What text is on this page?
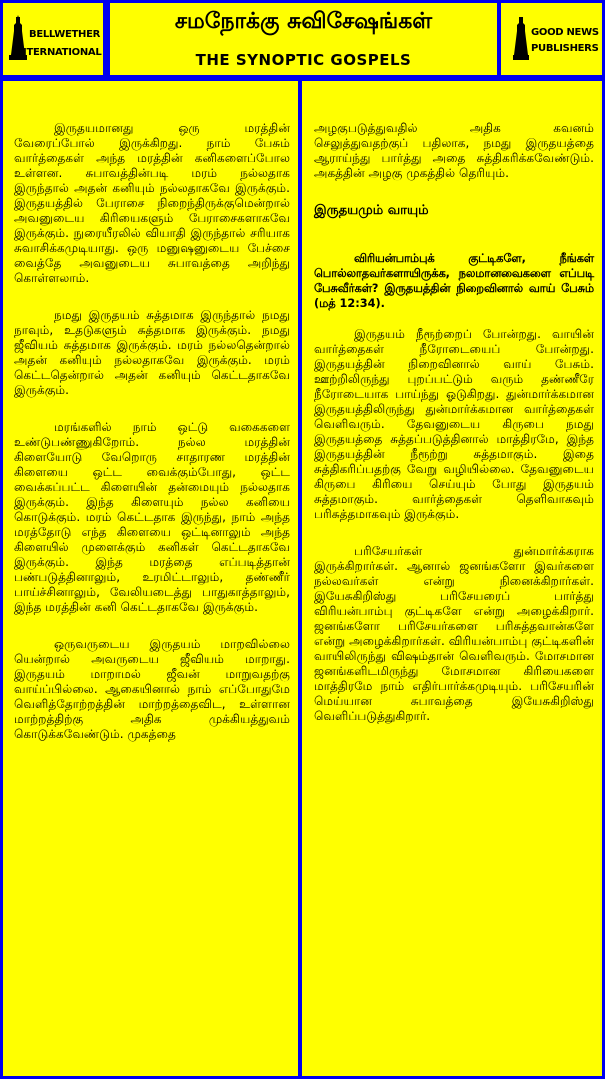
BELLWETHER
INTERNATIONAL
சமநோக்கு சுவிசேஷங்கள்
THE SYNOPTIC GOSPELS
GOOD NEWS
PUBLISHERS

இருதயமானது ஒரு மரத்தின் வேரைப்போல் இருக்கிறது. நாம் பேசும் வார்த்தைகள் அந்த மரத்தின் கனிகளைப்போல உள்ளன. சுபாவத்தின்படி மரம் நல்லதாக இருந்தால் அதன் கனியும் நல்லதாகவே இருக்கும். இருதயத்தில் பேராசை நிறைந்திருக்குமென்றால் அவனுடைய கிரியைகளும் பேராசைகளாகவே இருக்கும். நுரையீரலில் வியாதி இருந்தால் சரியாக சுவாசிக்கமுடியாது. ஒரு மனுஷனுடைய பேச்சை வைத்தே அவனுடைய சுபாவத்தை அறிந்து கொள்ளலாம்.

நமது இருதயம் சுத்தமாக இருந்தால் நமது நாவும், உதடுகளும் சுத்தமாக இருக்கும். நமது ஜீவியம் சுத்தமாக இருக்கும். மரம் நல்லதென்றால் அதன் கனியும் நல்லதாகவே இருக்கும். மரம் கெட்டதென்றால் அதன் கனியும் கெட்டதாகவே இருக்கும்.

மரங்களில் நாம் ஒட்டு வகைகளை உண்டுபண்ணுகிறோம். நல்ல மரத்தின் கிளையோடு வேறொரு சாதாரண மரத்தின் கிளையை ஒட்ட வைக்கும்போது, ஒட்ட வைக்கப்பட்ட கிளையின் தன்மையும் நல்லதாக இருக்கும். இந்த கிளையும் நல்ல கனியை கொடுக்கும். மரம் கெட்டதாக இருந்து, நாம் அந்த மரத்தோடு எந்த கிளையை ஒட்டினாலும் அந்த கிளையில் முளைக்கும் கனிகள் கெட்டதாகவே இருக்கும். இந்த மரத்தை எப்படித்தான் பண்படுத்தினாலும், உரமிட்டாலும், தண்ணீர் பாய்ச்சினாலும், வேலியடைத்து பாதுகாத்தாலும், இந்த மரத்தின் கனி கெட்டதாகவே இருக்கும்.

ஒருவருடைய இருதயம் மாறவில்லை யென்றால் அவருடைய ஜீவியம் மாறாது. இருதயம் மாறாமல் ஜீவன் மாறுவதற்கு வாய்ப்பில்லை. ஆகையினால் நாம் எப்போதுமே வெளித்தோற்றத்தின் மாற்றத்தைவிட, உள்ளான மாற்றத்திற்கு அதிக முக்கியத்துவம் கொடுக்கவேண்டும். முகத்தை

அழகுபடுத்துவதில் அதிக கவனம் செலுத்துவதற்குப் பதிலாக, நமது இருதயத்தை ஆராய்ந்து பார்த்து அதை சுத்திகரிக்கவேண்டும். அகத்தின் அழகு முகத்தில் தெரியும்.

இருதயமும் வாயும்

விரியன்பாம்புக் குட்டிகளே, நீங்கள் பொல்லாதவர்களாயிருக்க, நலமானவைகளை எப்படி பேசுவீர்கள்? இருதயத்தின் நிறைவினால் வாய் பேசும் (மத் 12:34).

இருதயம் நீரூற்றைப் போன்றது. வாயின் வார்த்தைகள் நீரோடையைப் போன்றது. இருதயத்தின் நிறைவினால் வாய் பேசும். ஊற்றிலிருந்து புறப்பட்டும் வரும் தண்ணீரே நீரோடையாக பாய்ந்து ஓடுகிறது. துன்மார்க்கமான இருதயத்திலிருந்து துன்மார்க்கமான வார்த்தைகள் வெளிவரும். தேவனுடைய கிருபை நமது இருதயத்தை சுத்தப்படுத்தினால் மாத்திரமே, இந்த இருதயத்தின் நீரூற்று சுத்தமாகும். இதை சுத்திகரிப்பதற்கு வேறு வழியில்லை. தேவனுடைய கிருபை கிரியை செய்யும் போது இருதயம் சுத்தமாகும். வார்த்தைகள் தெளிவாகவும் பரிசுத்தமாகவும் இருக்கும்.

பரிசேயர்கள் துன்மார்க்கராக இருக்கிறார்கள். ஆனால் ஜனங்களோ இவர்களை நல்லவர்கள் என்று நினைக்கிறார்கள். இயேசுகிறிஸ்து பரிசேயரைப் பார்த்து விரியன்பாம்பு குட்டிகளே என்று அழைக்கிறார். ஜனங்களோ பரிசேயர்களை பரிசுத்தவான்களே என்று அழைக்கிறார்கள். விரியன்பாம்பு குட்டிகளின் வாயிலிருந்து விஷம்தான் வெளிவரும். மோசமான ஜனங்களிடமிருந்து மோசமான கிரியைகளை மாத்திரமே நாம் எதிர்பார்க்கமுடியும். பரிசேயரின் மெய்யான சுபாவத்தை இயேசுகிறிஸ்து வெளிப்படுத்துகிறார்.
